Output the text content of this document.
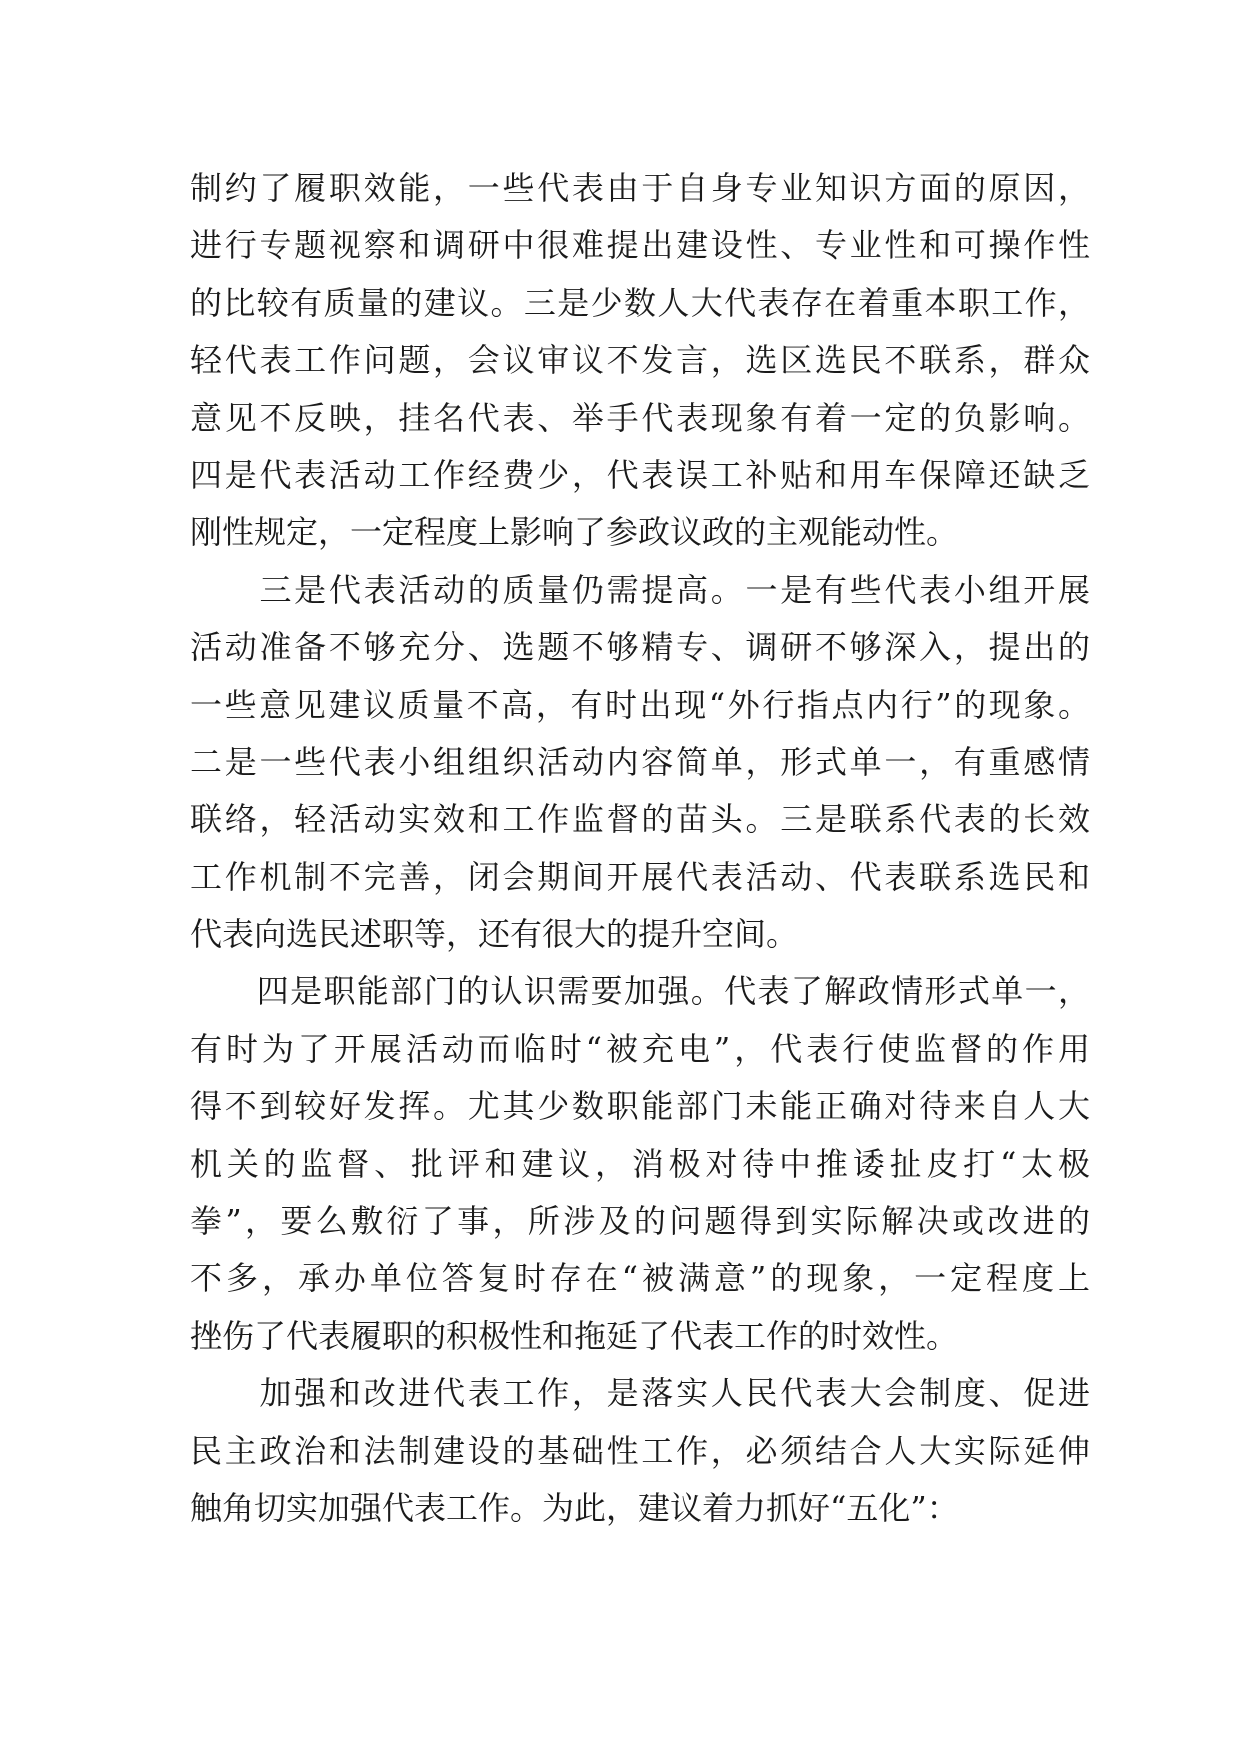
制约了履职效能，一些代表由于自身专业知识方面的原因，
进行专题视察和调研中很难提出建设性、专业性和可操作性
的比较有质量的建议。三是少数人大代表存在着重本职工作，
轻代表工作问题，会议审议不发言，选区选民不联系，群众
意见不反映，挂名代表、举手代表现象有着一定的负影响。
四是代表活动工作经费少，代表误工补贴和用车保障还缺乏
刚性规定，一定程度上影响了参政议政的主观能动性。
　　三是代表活动的质量仍需提高。一是有些代表小组开展
活动准备不够充分、选题不够精专、调研不够深入，提出的
一些意见建议质量不高，有时出现“外行指点内行”的现象。
二是一些代表小组组织活动内容简单，形式单一，有重感情
联络，轻活动实效和工作监督的苗头。三是联系代表的长效
工作机制不完善，闭会期间开展代表活动、代表联系选民和
代表向选民述职等，还有很大的提升空间。
　　四是职能部门的认识需要加强。代表了解政情形式单一，
有时为了开展活动而临时“被充电”，代表行使监督的作用
得不到较好发挥。尤其少数职能部门未能正确对待来自人大
机关的监督、批评和建议，消极对待中推诿扯皮打“太极
拳”，要么敷衍了事，所涉及的问题得到实际解决或改进的
不多，承办单位答复时存在“被满意”的现象，一定程度上
挫伤了代表履职的积极性和拖延了代表工作的时效性。
　　加强和改进代表工作，是落实人民代表大会制度、促进
民主政治和法制建设的基础性工作，必须结合人大实际延伸
触角切实加强代表工作。为此，建议着力抓好“五化”：
